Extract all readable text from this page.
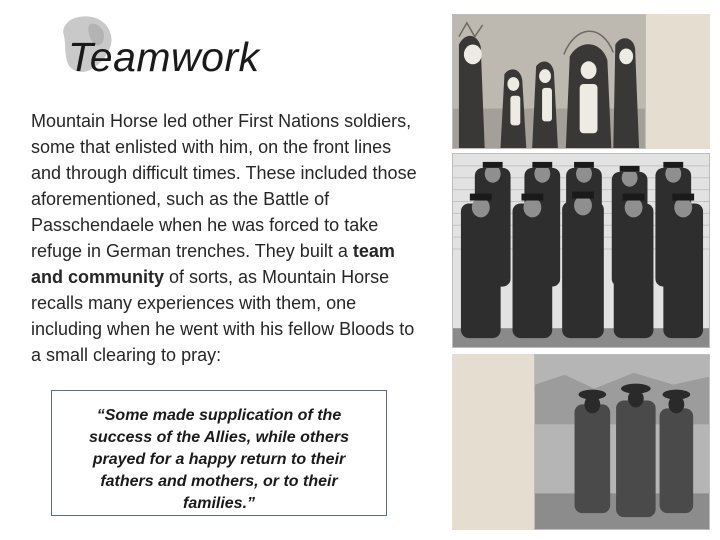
Teamwork
Mountain Horse led other First Nations soldiers, some that enlisted with him, on the front lines and through difficult times. These included those aforementioned, such as the Battle of Passchendaele when he was forced to take refuge in German trenches. They built a team and community of sorts, as Mountain Horse recalls many experiences with them, one including when he went with his fellow Bloods to a small clearing to pray:
“Some made supplication of the success of the Allies, while others prayed for a happy return to their fathers and mothers, or to their families.”
